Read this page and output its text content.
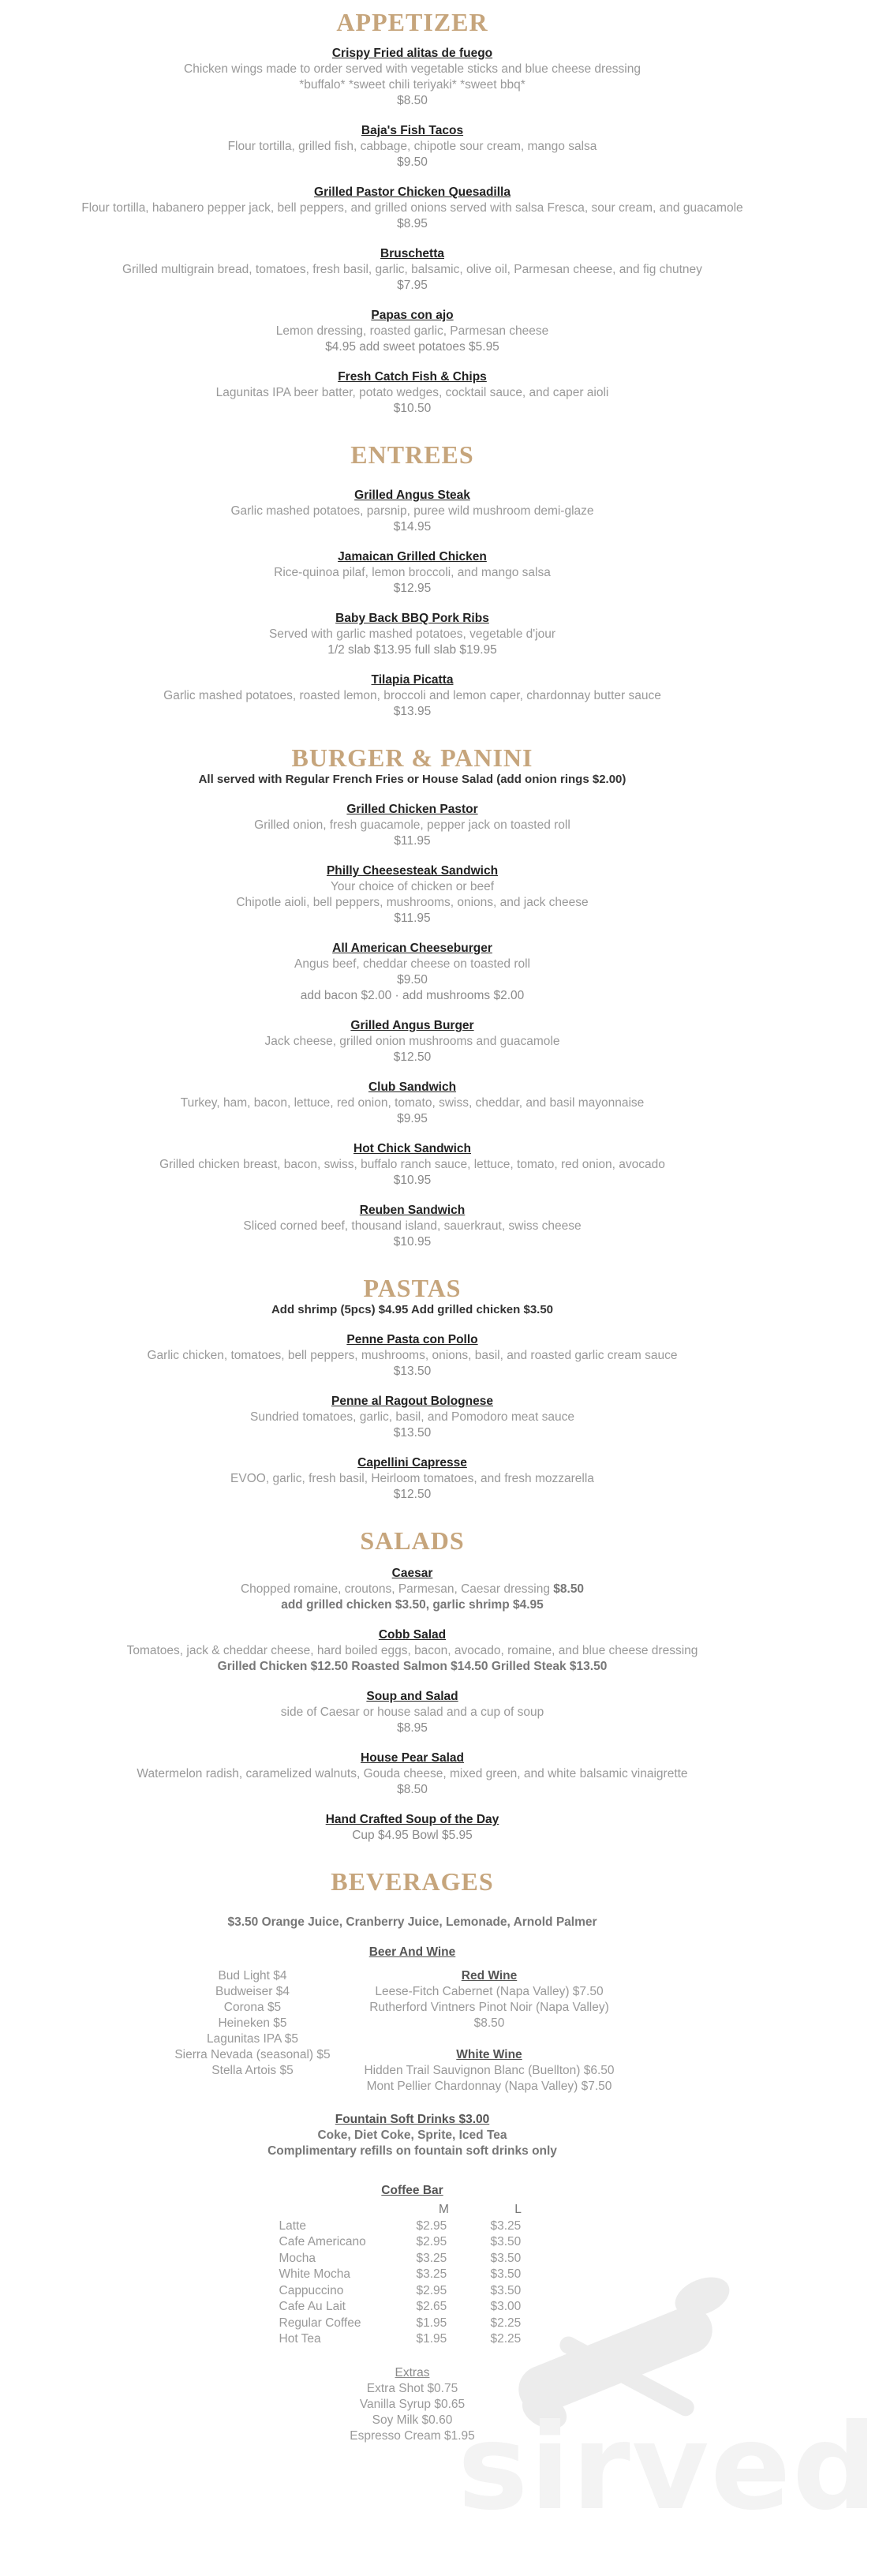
APPETIZER
Crispy Fried alitas de fuego
Chicken wings made to order served with vegetable sticks and blue cheese dressing
*buffalo* *sweet chili teriyaki* *sweet bbq*
$8.50
Baja's Fish Tacos
Flour tortilla, grilled fish, cabbage, chipotle sour cream, mango salsa
$9.50
Grilled Pastor Chicken Quesadilla
Flour tortilla, habanero pepper jack, bell peppers, and grilled onions served with salsa Fresca, sour cream, and guacamole
$8.95
Bruschetta
Grilled multigrain bread, tomatoes, fresh basil, garlic, balsamic, olive oil, Parmesan cheese, and fig chutney
$7.95
Papas con ajo
Lemon dressing, roasted garlic, Parmesan cheese
$4.95 add sweet potatoes $5.95
Fresh Catch Fish & Chips
Lagunitas IPA beer batter, potato wedges, cocktail sauce, and caper aioli
$10.50
ENTREES
Grilled Angus Steak
Garlic mashed potatoes, parsnip, puree wild mushroom demi-glaze
$14.95
Jamaican Grilled Chicken
Rice-quinoa pilaf, lemon broccoli, and mango salsa
$12.95
Baby Back BBQ Pork Ribs
Served with garlic mashed potatoes, vegetable d'jour
1/2 slab $13.95 full slab $19.95
Tilapia Picatta
Garlic mashed potatoes, roasted lemon, broccoli and lemon caper, chardonnay butter sauce
$13.95
BURGER & PANINI
All served with Regular French Fries or House Salad (add onion rings $2.00)
Grilled Chicken Pastor
Grilled onion, fresh guacamole, pepper jack on toasted roll
$11.95
Philly Cheesesteak Sandwich
Your choice of chicken or beef
Chipotle aioli, bell peppers, mushrooms, onions, and jack cheese
$11.95
All American Cheeseburger
Angus beef, cheddar cheese on toasted roll
$9.50
add bacon $2.00 · add mushrooms $2.00
Grilled Angus Burger
Jack cheese, grilled onion mushrooms and guacamole
$12.50
Club Sandwich
Turkey, ham, bacon, lettuce, red onion, tomato, swiss, cheddar, and basil mayonnaise
$9.95
Hot Chick Sandwich
Grilled chicken breast, bacon, swiss, buffalo ranch sauce, lettuce, tomato, red onion, avocado
$10.95
Reuben Sandwich
Sliced corned beef, thousand island, sauerkraut, swiss cheese
$10.95
PASTAS
Add shrimp (5pcs) $4.95 Add grilled chicken $3.50
Penne Pasta con Pollo
Garlic chicken, tomatoes, bell peppers, mushrooms, onions, basil, and roasted garlic cream sauce
$13.50
Penne al Ragout Bolognese
Sundried tomatoes, garlic, basil, and Pomodoro meat sauce
$13.50
Capellini Capresse
EVOO, garlic, fresh basil, Heirloom tomatoes, and fresh mozzarella
$12.50
SALADS
Caesar
Chopped romaine, croutons, Parmesan, Caesar dressing $8.50
add grilled chicken $3.50, garlic shrimp $4.95
Cobb Salad
Tomatoes, jack & cheddar cheese, hard boiled eggs, bacon, avocado, romaine, and blue cheese dressing
Grilled Chicken $12.50 Roasted Salmon $14.50 Grilled Steak $13.50
Soup and Salad
side of Caesar or house salad and a cup of soup
$8.95
House Pear Salad
Watermelon radish, caramelized walnuts, Gouda cheese, mixed green, and white balsamic vinaigrette
$8.50
Hand Crafted Soup of the Day
Cup $4.95 Bowl $5.95
BEVERAGES
$3.50 Orange Juice, Cranberry Juice, Lemonade, Arnold Palmer
Beer And Wine
Bud Light $4
Budweiser $4
Corona $5
Heineken $5
Lagunitas IPA $5
Sierra Nevada (seasonal) $5
Stella Artois $5
Red Wine
Leese-Fitch Cabernet (Napa Valley) $7.50
Rutherford Vintners Pinot Noir (Napa Valley) $8.50
White Wine
Hidden Trail Sauvignon Blanc (Buellton) $6.50
Mont Pellier Chardonnay (Napa Valley) $7.50
Fountain Soft Drinks $3.00
Coke, Diet Coke, Sprite, Iced Tea
Complimentary refills on fountain soft drinks only
Coffee Bar
	M	L
Latte	$2.95	$3.25
Cafe Americano	$2.95	$3.50
Mocha	$3.25	$3.50
White Mocha	$3.25	$3.50
Cappuccino	$2.95	$3.50
Cafe Au Lait	$2.65	$3.00
Regular Coffee	$1.95	$2.25
Hot Tea	$1.95	$2.25
Extras
Extra Shot $0.75
Vanilla Syrup $0.65
Soy Milk $0.60
Espresso Cream $1.95
sirved
